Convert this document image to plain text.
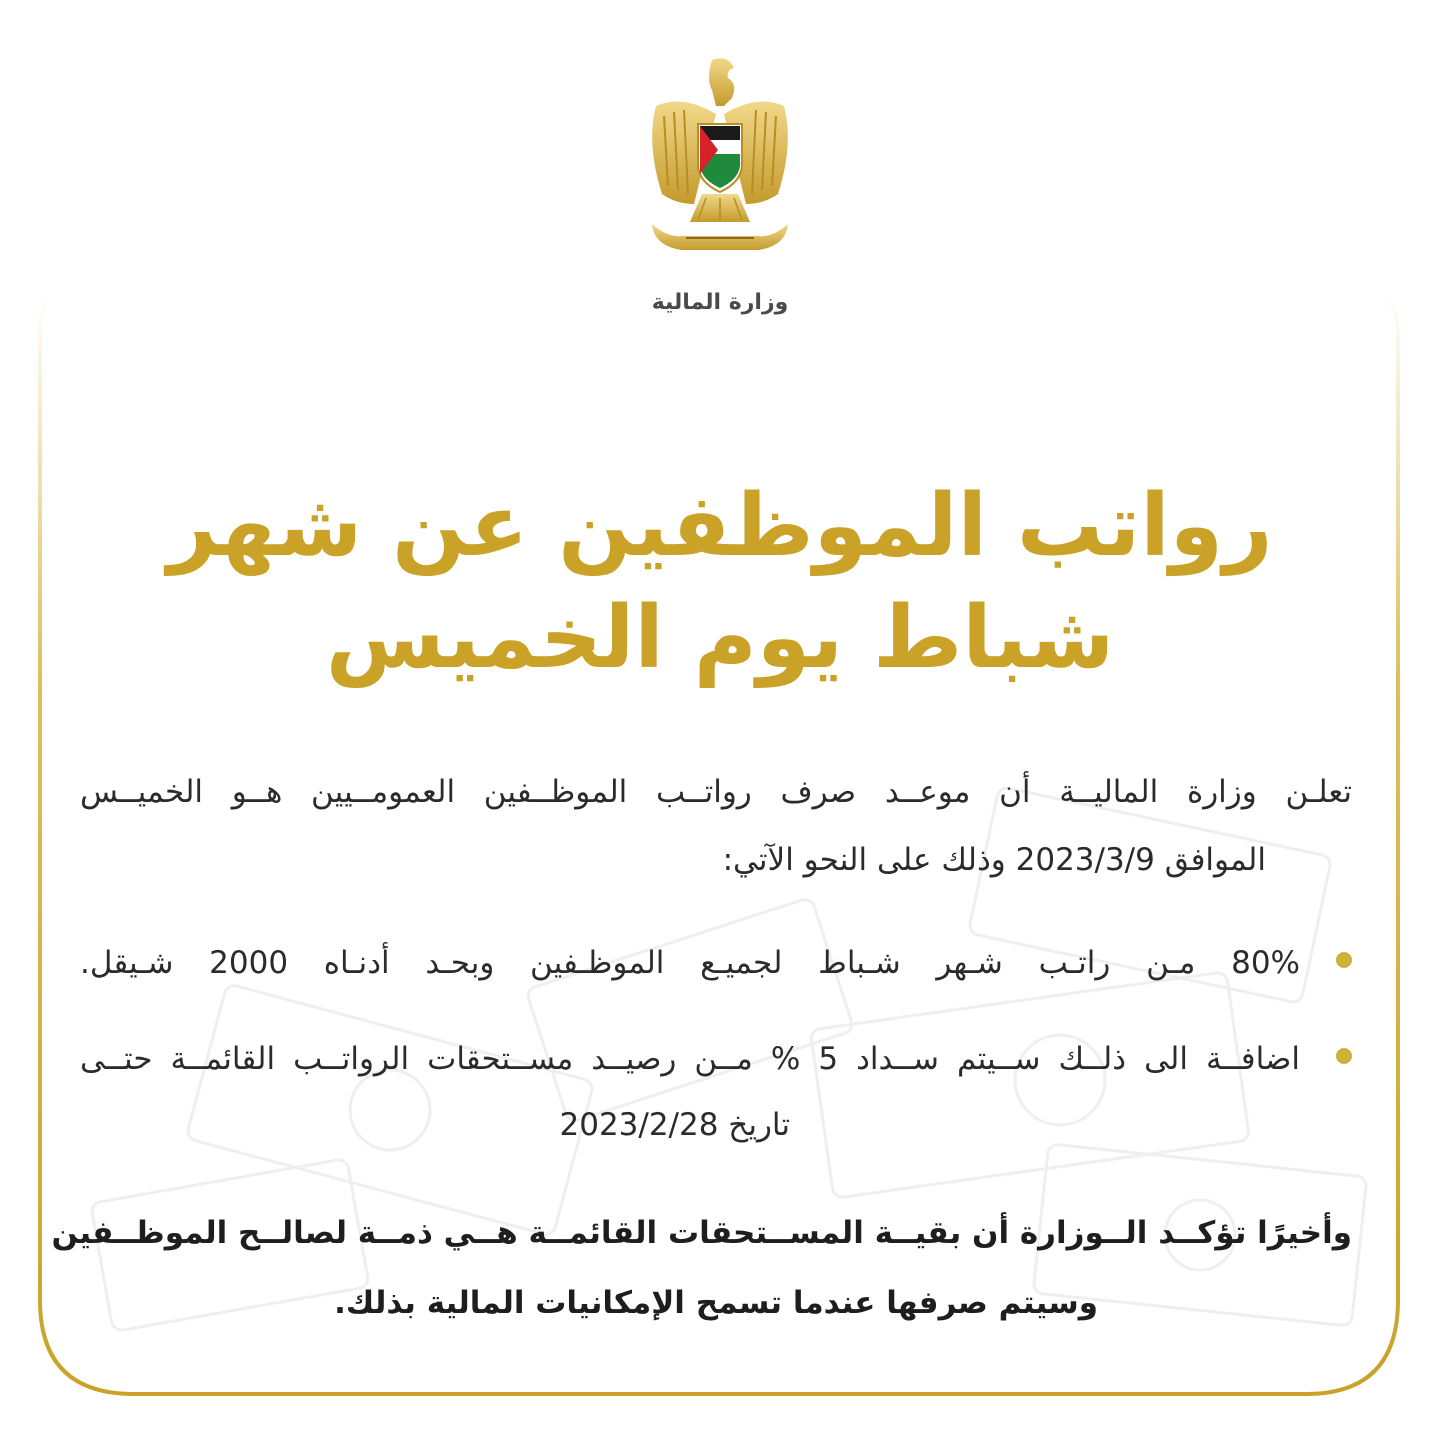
وزارة المالية
رواتب الموظفين عن شهر
شباط يوم الخميس
تعلـن وزارة الماليــة أن موعــد صرف رواتــب الموظــفين العمومــيين هــو الخميــس
الموافق 2023/3/9 وذلك على النحو الآتي:
80% مـن راتـب شـهر شـباط لجميـع الموظـفين وبحـد أدنـاه 2000 شـيقل.
اضافــة الى ذلــك ســيتم ســداد 5 % مــن رصيــد مســتحقات الرواتــب القائمــة حتــى
تاريخ 2023/2/28
وأخيرًا تؤكــد الــوزارة أن بقيــة المســتحقات القائمــة هــي ذمــة لصالــح الموظــفين
وسيتم صرفها عندما تسمح الإمكانيات المالية بذلك.
